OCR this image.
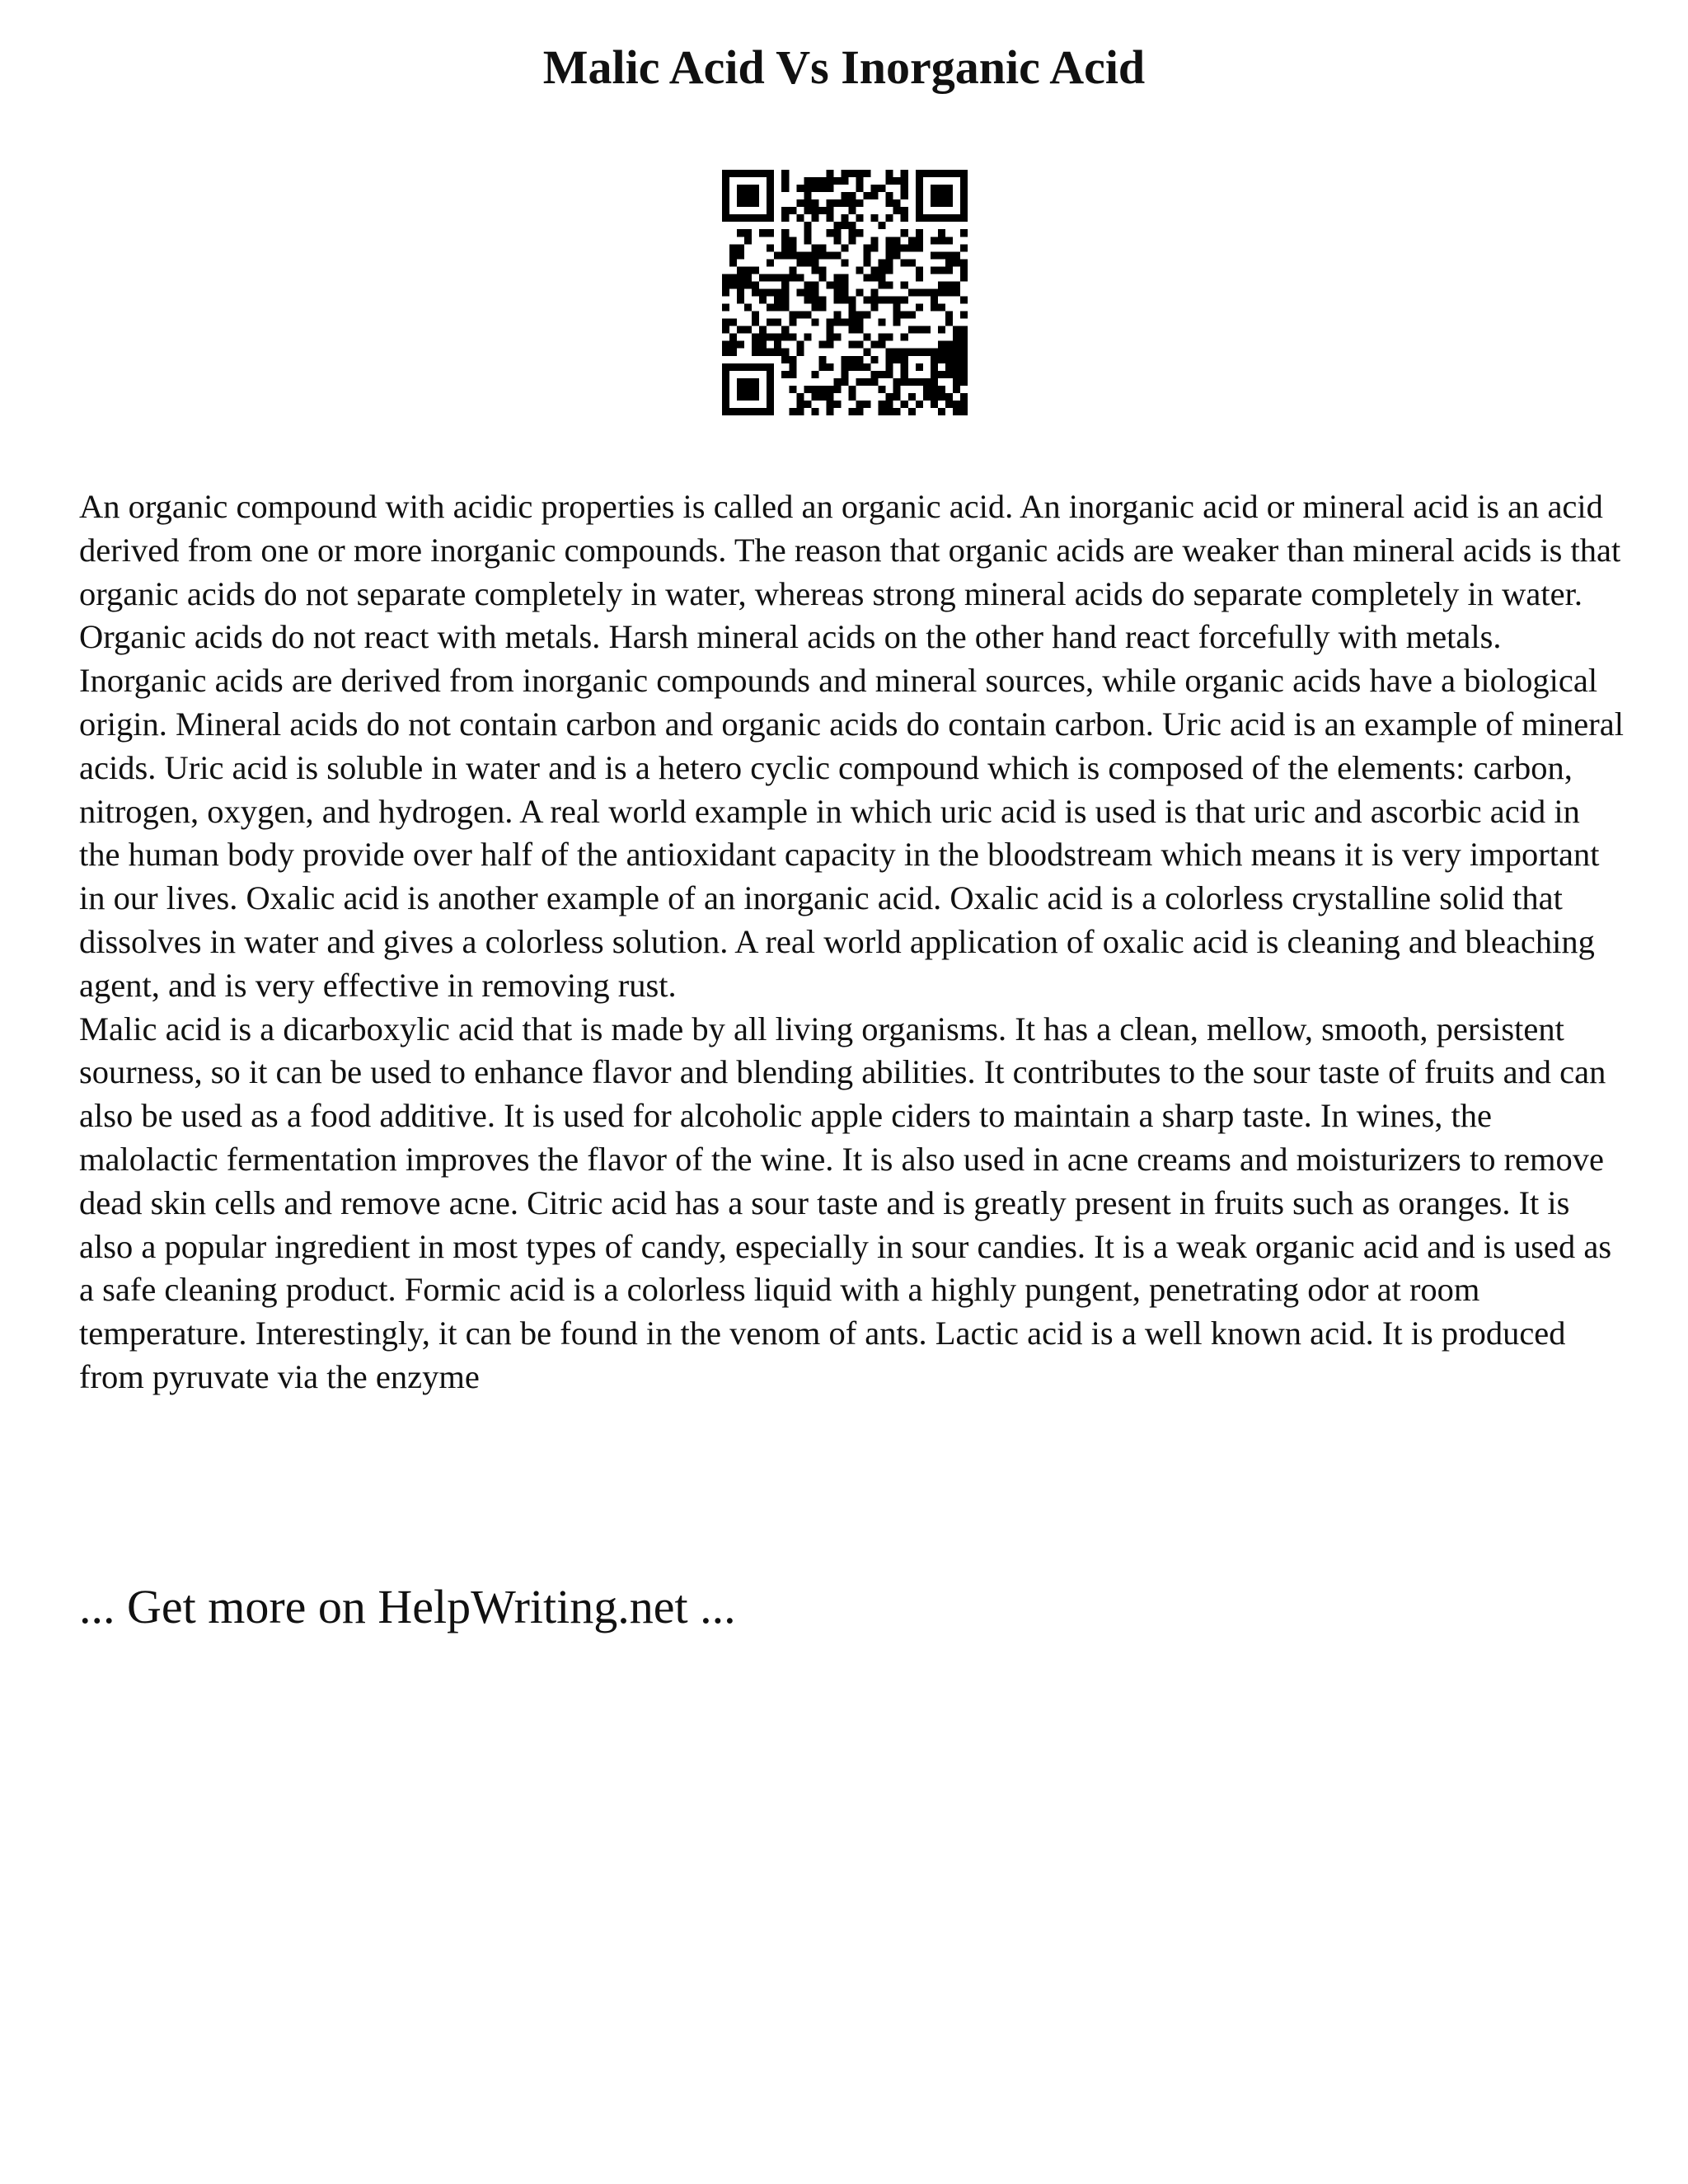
Malic Acid Vs Inorganic Acid

An organic compound with acidic properties is called an organic acid. An inorganic acid or mineral acid is an acid derived from one or more inorganic compounds. The reason that organic acids are weaker than mineral acids is that organic acids do not separate completely in water, whereas strong mineral acids do separate completely in water. Organic acids do not react with metals. Harsh mineral acids on the other hand react forcefully with metals. Inorganic acids are derived from inorganic compounds and mineral sources, while organic acids have a biological origin. Mineral acids do not contain carbon and organic acids do contain carbon. Uric acid is an example of mineral acids. Uric acid is soluble in water and is a hetero cyclic compound which is composed of the elements: carbon, nitrogen, oxygen, and hydrogen. A real world example in which uric acid is used is that uric and ascorbic acid in the human body provide over half of the antioxidant capacity in the bloodstream which means it is very important in our lives. Oxalic acid is another example of an inorganic acid. Oxalic acid is a colorless crystalline solid that dissolves in water and gives a colorless solution. A real world application of oxalic acid is cleaning and bleaching agent, and is very effective in removing rust.

Malic acid is a dicarboxylic acid that is made by all living organisms. It has a clean, mellow, smooth, persistent sourness, so it can be used to enhance flavor and blending abilities. It contributes to the sour taste of fruits and can also be used as a food additive. It is used for alcoholic apple ciders to maintain a sharp taste. In wines, the malolactic fermentation improves the flavor of the wine. It is also used in acne creams and moisturizers to remove dead skin cells and remove acne. Citric acid has a sour taste and is greatly present in fruits such as oranges. It is also a popular ingredient in most types of candy, especially in sour candies. It is a weak organic acid and is used as a safe cleaning product. Formic acid is a colorless liquid with a highly pungent, penetrating odor at room temperature. Interestingly, it can be found in the venom of ants. Lactic acid is a well known acid. It is produced from pyruvate via the enzyme

... Get more on HelpWriting.net ...
